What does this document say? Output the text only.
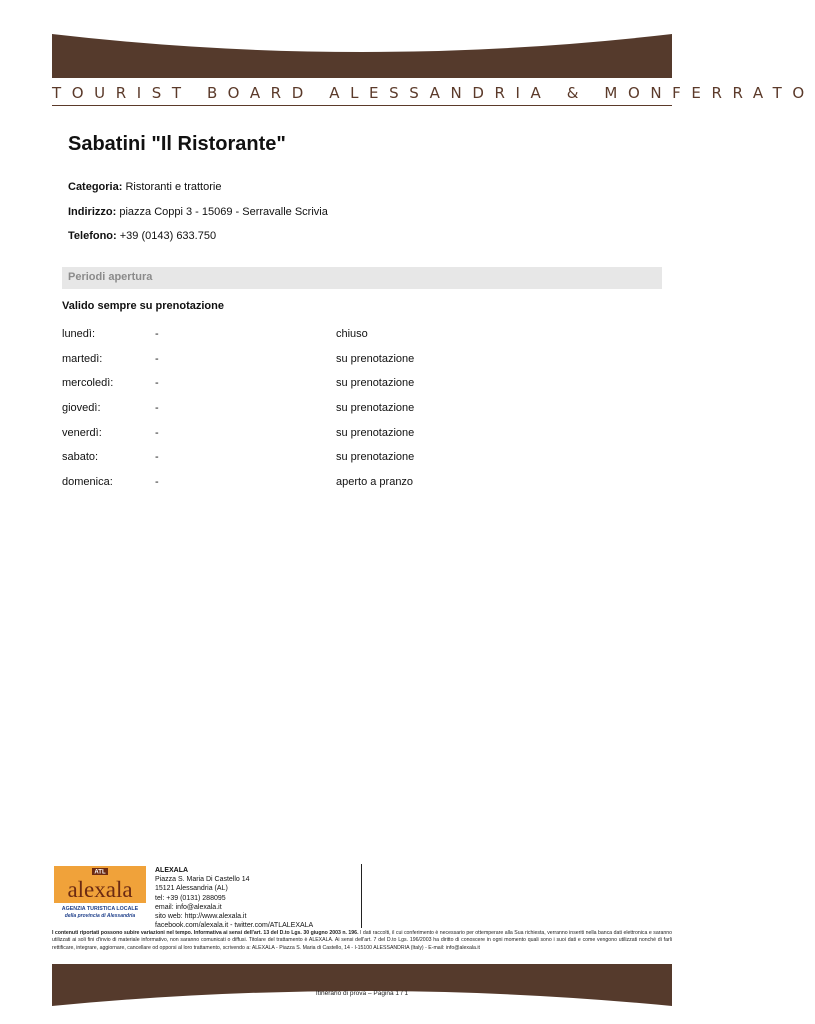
TOURIST BOARD ALESSANDRIA & MONFERRATO
Sabatini "Il Ristorante"
Categoria: Ristoranti e trattorie
Indirizzo: piazza Coppi 3 - 15069 - Serravalle Scrivia
Telefono: +39 (0143) 633.750
Periodi apertura
Valido sempre su prenotazione
lunedì:	-	chiuso
martedì:	-	su prenotazione
mercoledì:	-	su prenotazione
giovedì:	-	su prenotazione
venerdì:	-	su prenotazione
sabato:	-	su prenotazione
domenica:	-	aperto a pranzo
ATL
alexala
AGENZIA TURISTICA LOCALE
della provincia di Alessandria
ALEXALA
Piazza S. Maria Di Castello 14
15121 Alessandria (AL)
tel: +39 (0131) 288095
email: info@alexala.it
sito web: http://www.alexala.it
facebook.com/alexala.it - twitter.com/ATLALEXALA
I contenuti riportati possono subire variazioni nel tempo. Informativa ai sensi dell'art. 13 del D.to Lgs. 30 giugno 2003 n. 196. I dati raccolti, il cui conferimento è necessario per ottemperare alla Sua richiesta, verranno inseriti nella banca dati elettronica e saranno utilizzati ai soli fini d'invio di materiale informativo, non saranno comunicati o diffusi. Titolare del trattamento è ALEXALA. Ai sensi dell'art. 7 del D.to Lgs. 196/2003 ha diritto di conoscere in ogni momento quali sono i suoi dati e come vengono utilizzati nonché di farli rettificare, integrare, aggiornare, cancellare od opporsi al loro trattamento, scrivendo a: ALEXALA - Piazza S. Maria di Castello, 14 - I-15100 ALESSANDRIA (Italy) - E-mail: info@alexala.it
Itinerario di prova – Pagina 1 / 1
